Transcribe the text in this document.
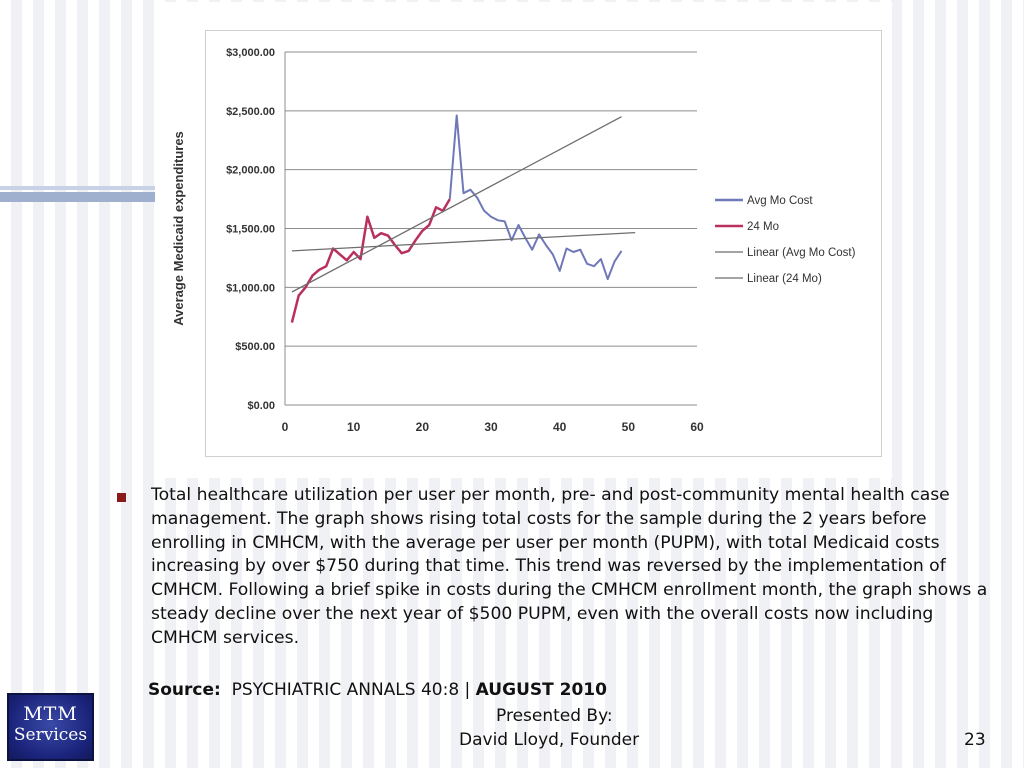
$0.00
$500.00
$1,000.00
$1,500.00
$2,000.00
$2,500.00
$3,000.00
0	10	20	30	40	50	60
Average Medicaid expenditures	Avg Mo Cost
24 Mo
Linear (Avg Mo Cost)
Linear (24 Mo)
Total healthcare utilization per user per month, pre- and post-community mental health case management. The graph shows rising total costs for the sample during the 2 years before enrolling in CMHCM, with the average per user per month (PUPM), with total Medicaid costs increasing by over $750 during that time. This trend was reversed by the implementation of CMHCM. Following a brief spike in costs during the CMHCM enrollment month, the graph shows a steady decline over the next year of $500 PUPM, even with the overall costs now including CMHCM services.
Source: PSYCHIATRIC ANNALS 40:8 | AUGUST 2010
Presented By:
David Lloyd, Founder	23
MTM
Services
